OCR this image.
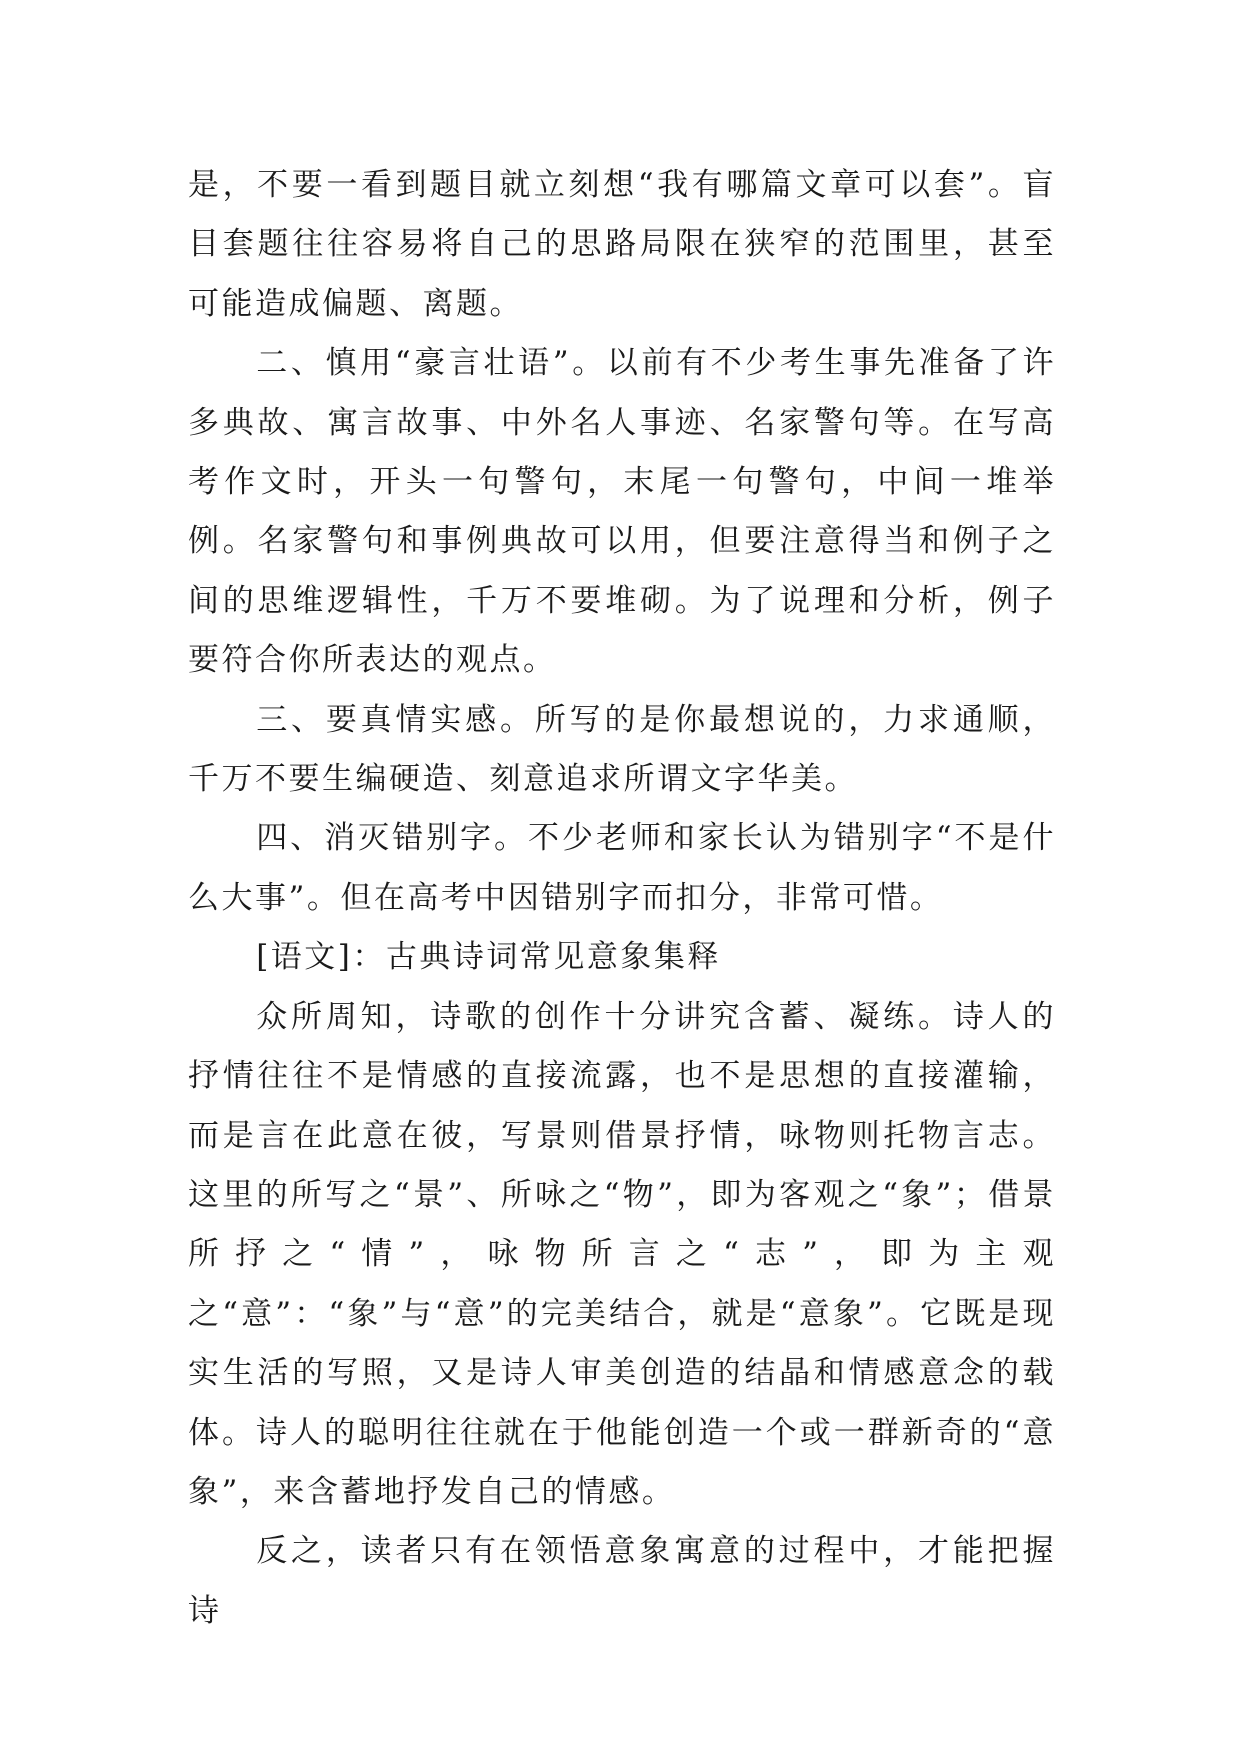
是，不要一看到题目就立刻想“我有哪篇文章可以套”。盲目套题往往容易将自己的思路局限在狭窄的范围里，甚至可能造成偏题、离题。

二、慎用“豪言壮语”。以前有不少考生事先准备了许多典故、寓言故事、中外名人事迹、名家警句等。在写高考作文时，开头一句警句，末尾一句警句，中间一堆举例。名家警句和事例典故可以用，但要注意得当和例子之间的思维逻辑性，千万不要堆砌。为了说理和分析，例子要符合你所表达的观点。

三、要真情实感。所写的是你最想说的，力求通顺，千万不要生编硬造、刻意追求所谓文字华美。

四、消灭错别字。不少老师和家长认为错别字“不是什么大事”。但在高考中因错别字而扣分，非常可惜。

[语文]：古典诗词常见意象集释

众所周知，诗歌的创作十分讲究含蓄、凝练。诗人的抒情往往不是情感的直接流露，也不是思想的直接灌输，而是言在此意在彼，写景则借景抒情，咏物则托物言志。这里的所写之“景”、所咏之“物”，即为客观之“象”；借景所抒之“情”，咏物所言之“志”，即为主观之“意”：“象”与“意”的完美结合，就是“意象”。它既是现实生活的写照，又是诗人审美创造的结晶和情感意念的载体。诗人的聪明往往就在于他能创造一个或一群新奇的“意象”，来含蓄地抒发自己的情感。

反之，读者只有在领悟意象寓意的过程中，才能把握诗
